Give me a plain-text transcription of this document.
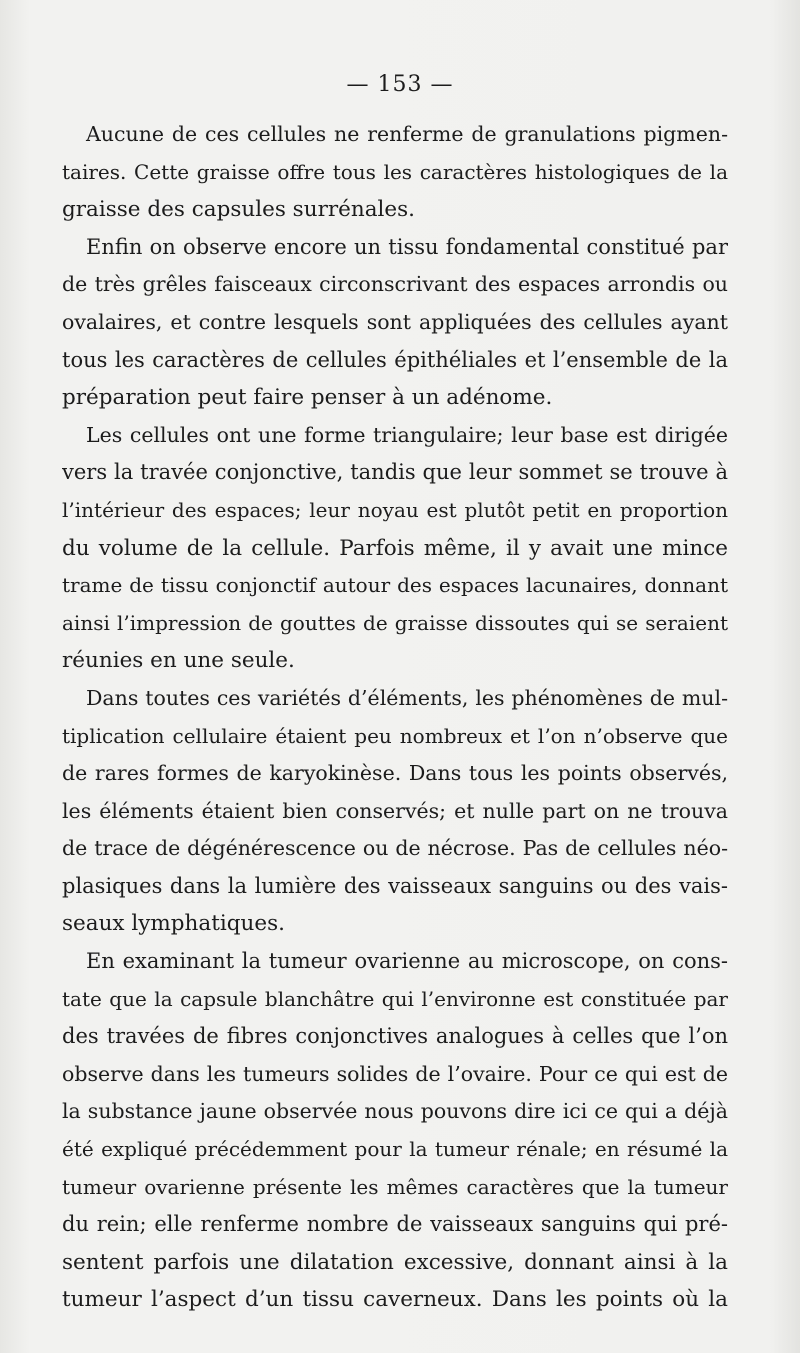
— 153 —
Aucune de ces cellules ne renferme de granulations pigmen-
taires. Cette graisse offre tous les caractères histologiques de la
graisse des capsules surrénales.
Enfin on observe encore un tissu fondamental constitué par
de très grêles faisceaux circonscrivant des espaces arrondis ou
ovalaires, et contre lesquels sont appliquées des cellules ayant
tous les caractères de cellules épithéliales et l’ensemble de la
préparation peut faire penser à un adénome.
Les cellules ont une forme triangulaire; leur base est dirigée
vers la travée conjonctive, tandis que leur sommet se trouve à
l’intérieur des espaces; leur noyau est plutôt petit en proportion
du volume de la cellule. Parfois même, il y avait une mince
trame de tissu conjonctif autour des espaces lacunaires, donnant
ainsi l’impression de gouttes de graisse dissoutes qui se seraient
réunies en une seule.
Dans toutes ces variétés d’éléments, les phénomènes de mul-
tiplication cellulaire étaient peu nombreux et l’on n’observe que
de rares formes de karyokinèse. Dans tous les points observés,
les éléments étaient bien conservés; et nulle part on ne trouva
de trace de dégénérescence ou de nécrose. Pas de cellules néo-
plasiques dans la lumière des vaisseaux sanguins ou des vais-
seaux lymphatiques.
En examinant la tumeur ovarienne au microscope, on cons-
tate que la capsule blanchâtre qui l’environne est constituée par
des travées de fibres conjonctives analogues à celles que l’on
observe dans les tumeurs solides de l’ovaire. Pour ce qui est de
la substance jaune observée nous pouvons dire ici ce qui a déjà
été expliqué précédemment pour la tumeur rénale; en résumé la
tumeur ovarienne présente les mêmes caractères que la tumeur
du rein; elle renferme nombre de vaisseaux sanguins qui pré-
sentent parfois une dilatation excessive, donnant ainsi à la
tumeur l’aspect d’un tissu caverneux. Dans les points où la
